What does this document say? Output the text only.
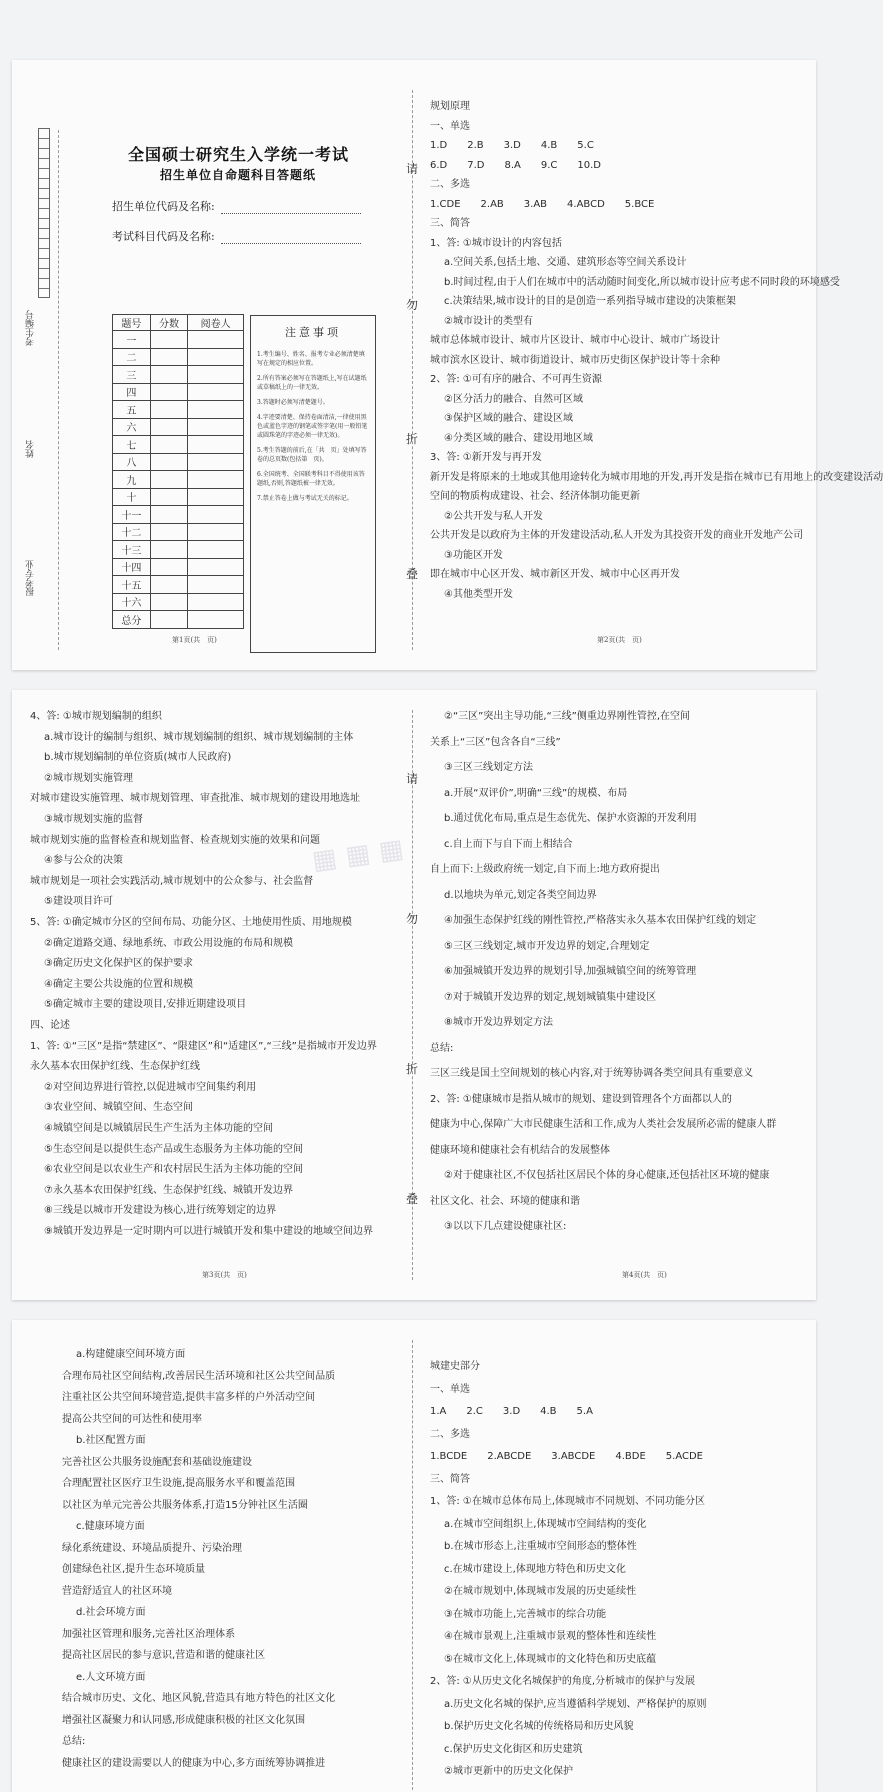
考生编号
姓名
报考专业
全国硕士研究生入学统一考试
招生单位自命题科目答题纸
招生单位代码及名称:
考试科目代码及名称:
题号	分数	阅卷人
一		
二		
三		
四		
五		
六		
七		
八		
九		
十		
十一		
十二		
十三		
十四		
十五		
十六		
总分		
注意事项

1.考生编号、姓名、报考专业必须清楚填写在规定的相应位置。

2.所有答案必须写在答题纸上,写在试题纸或草稿纸上的一律无效。

3.答题时必须写清楚题号。

4.字迹要清楚、保持卷面清洁,一律使用黑色或蓝色字迹的钢笔或签字笔(用一般铅笔或圆珠笔的字迹必须一律无效)。

5.考生答题的前后,在「共　页」处填写答卷的总页数(包括第　页)。

6.全国统考、全国联考科目不得使用该答题纸,否则,答题纸被一律无效。

7.禁止答卷上做与考试无关的标记。

第1页(共　页)
请
勿
折
叠
规划原理
一、单选
1.D　　2.B　　3.D　　4.B　　5.C
6.D　　7.D　　8.A　　9.C　　10.D
二、多选
1.CDE　　2.AB　　3.AB　　4.ABCD　　5.BCE
三、简答
1、答: ①城市设计的内容包括
a.空间关系,包括土地、交通、建筑形态等空间关系设计
b.时间过程,由于人们在城市中的活动随时间变化,所以城市设计应考虑不同时段的环境感受
c.决策结果,城市设计的目的是创造一系列指导城市建设的决策框架
②城市设计的类型有
城市总体城市设计、城市片区设计、城市中心设计、城市广场设计
城市滨水区设计、城市街道设计、城市历史街区保护设计等十余种
2、答: ①可有序的融合、不可再生资源
②区分活力的融合、自然可区域
③保护区域的融合、建设区域
④分类区域的融合、建设用地区域
3、答: ①新开发与再开发
新开发是将原来的土地或其他用途转化为城市用地的开发,再开发是指在城市已有用地上的改变建设活动
空间的物质构成建设、社会、经济体制功能更新
②公共开发与私人开发
公共开发是以政府为主体的开发建设活动,私人开发为其投资开发的商业开发地产公司
③功能区开发
即在城市中心区开发、城市新区开发、城市中心区再开发
④其他类型开发
第2页(共　页)
4、答: ①城市规划编制的组织
a.城市设计的编制与组织、城市规划编制的组织、城市规划编制的主体
b.城市规划编制的单位资质(城市人民政府)
②城市规划实施管理
对城市建设实施管理、城市规划管理、审查批准、城市规划的建设用地选址
③城市规划实施的监督
城市规划实施的监督检查和规划监督、检查规划实施的效果和问题
④参与公众的决策
城市规划是一项社会实践活动,城市规划中的公众参与、社会监督
⑤建设项目许可
5、答: ①确定城市分区的空间布局、功能分区、土地使用性质、用地规模
②确定道路交通、绿地系统、市政公用设施的布局和规模
③确定历史文化保护区的保护要求
④确定主要公共设施的位置和规模
⑤确定城市主要的建设项目,安排近期建设项目
四、论述
1、答: ①“三区”是指“禁建区”、“限建区”和“适建区”,“三线”是指城市开发边界
永久基本农田保护红线、生态保护红线
②对空间边界进行管控,以促进城市空间集约利用
③农业空间、城镇空间、生态空间
④城镇空间是以城镇居民生产生活为主体功能的空间
⑤生态空间是以提供生态产品或生态服务为主体功能的空间
⑥农业空间是以农业生产和农村居民生活为主体功能的空间
⑦永久基本农田保护红线、生态保护红线、城镇开发边界
⑧三线是以城市开发建设为核心,进行统筹划定的边界
⑨城镇开发边界是一定时期内可以进行城镇开发和集中建设的地域空间边界
第3页(共　页)
请
勿
折
叠
②“三区”突出主导功能,“三线”侧重边界刚性管控,在空间
关系上“三区”包含各自“三线”
③三区三线划定方法
a.开展“双评价”,明确“三线”的规模、布局
b.通过优化布局,重点是生态优先、保护水资源的开发利用
c.自上而下与自下而上相结合
自上而下:上级政府统一划定,自下而上:地方政府提出
d.以地块为单元,划定各类空间边界
④加强生态保护红线的刚性管控,严格落实永久基本农田保护红线的划定
⑤三区三线划定,城市开发边界的划定,合理划定
⑥加强城镇开发边界的规划引导,加强城镇空间的统筹管理
⑦对于城镇开发边界的划定,规划城镇集中建设区
⑧城市开发边界划定方法
总结:
三区三线是国土空间规划的核心内容,对于统筹协调各类空间具有重要意义
2、答: ①健康城市是指从城市的规划、建设到管理各个方面都以人的
健康为中心,保障广大市民健康生活和工作,成为人类社会发展所必需的健康人群
健康环境和健康社会有机结合的发展整体
②对于健康社区,不仅包括社区居民个体的身心健康,还包括社区环境的健康
社区文化、社会、环境的健康和谐
③以以下几点建设健康社区:
第4页(共　页)
▦ ▦ ▦
a.构建健康空间环境方面
合理布局社区空间结构,改善居民生活环境和社区公共空间品质
注重社区公共空间环境营造,提供丰富多样的户外活动空间
提高公共空间的可达性和使用率
b.社区配置方面
完善社区公共服务设施配套和基础设施建设
合理配置社区医疗卫生设施,提高服务水平和覆盖范围
以社区为单元完善公共服务体系,打造15分钟社区生活圈
c.健康环境方面
绿化系统建设、环境品质提升、污染治理
创建绿色社区,提升生态环境质量
营造舒适宜人的社区环境
d.社会环境方面
加强社区管理和服务,完善社区治理体系
提高社区居民的参与意识,营造和谐的健康社区
e.人文环境方面
结合城市历史、文化、地区风貌,营造具有地方特色的社区文化
增强社区凝聚力和认同感,形成健康积极的社区文化氛围
总结:
健康社区的建设需要以人的健康为中心,多方面统筹协调推进
城建史部分
一、单选
1.A　　2.C　　3.D　　4.B　　5.A
二、多选
1.BCDE　　2.ABCDE　　3.ABCDE　　4.BDE　　5.ACDE
三、简答
1、答: ①在城市总体布局上,体现城市不同规划、不同功能分区
a.在城市空间组织上,体现城市空间结构的变化
b.在城市形态上,注重城市空间形态的整体性
c.在城市建设上,体现地方特色和历史文化
②在城市规划中,体现城市发展的历史延续性
③在城市功能上,完善城市的综合功能
④在城市景观上,注重城市景观的整体性和连续性
⑤在城市文化上,体现城市的文化特色和历史底蕴
2、答: ①从历史文化名城保护的角度,分析城市的保护与发展
a.历史文化名城的保护,应当遵循科学规划、严格保护的原则
b.保护历史文化名城的传统格局和历史风貌
c.保护历史文化街区和历史建筑
②城市更新中的历史文化保护
